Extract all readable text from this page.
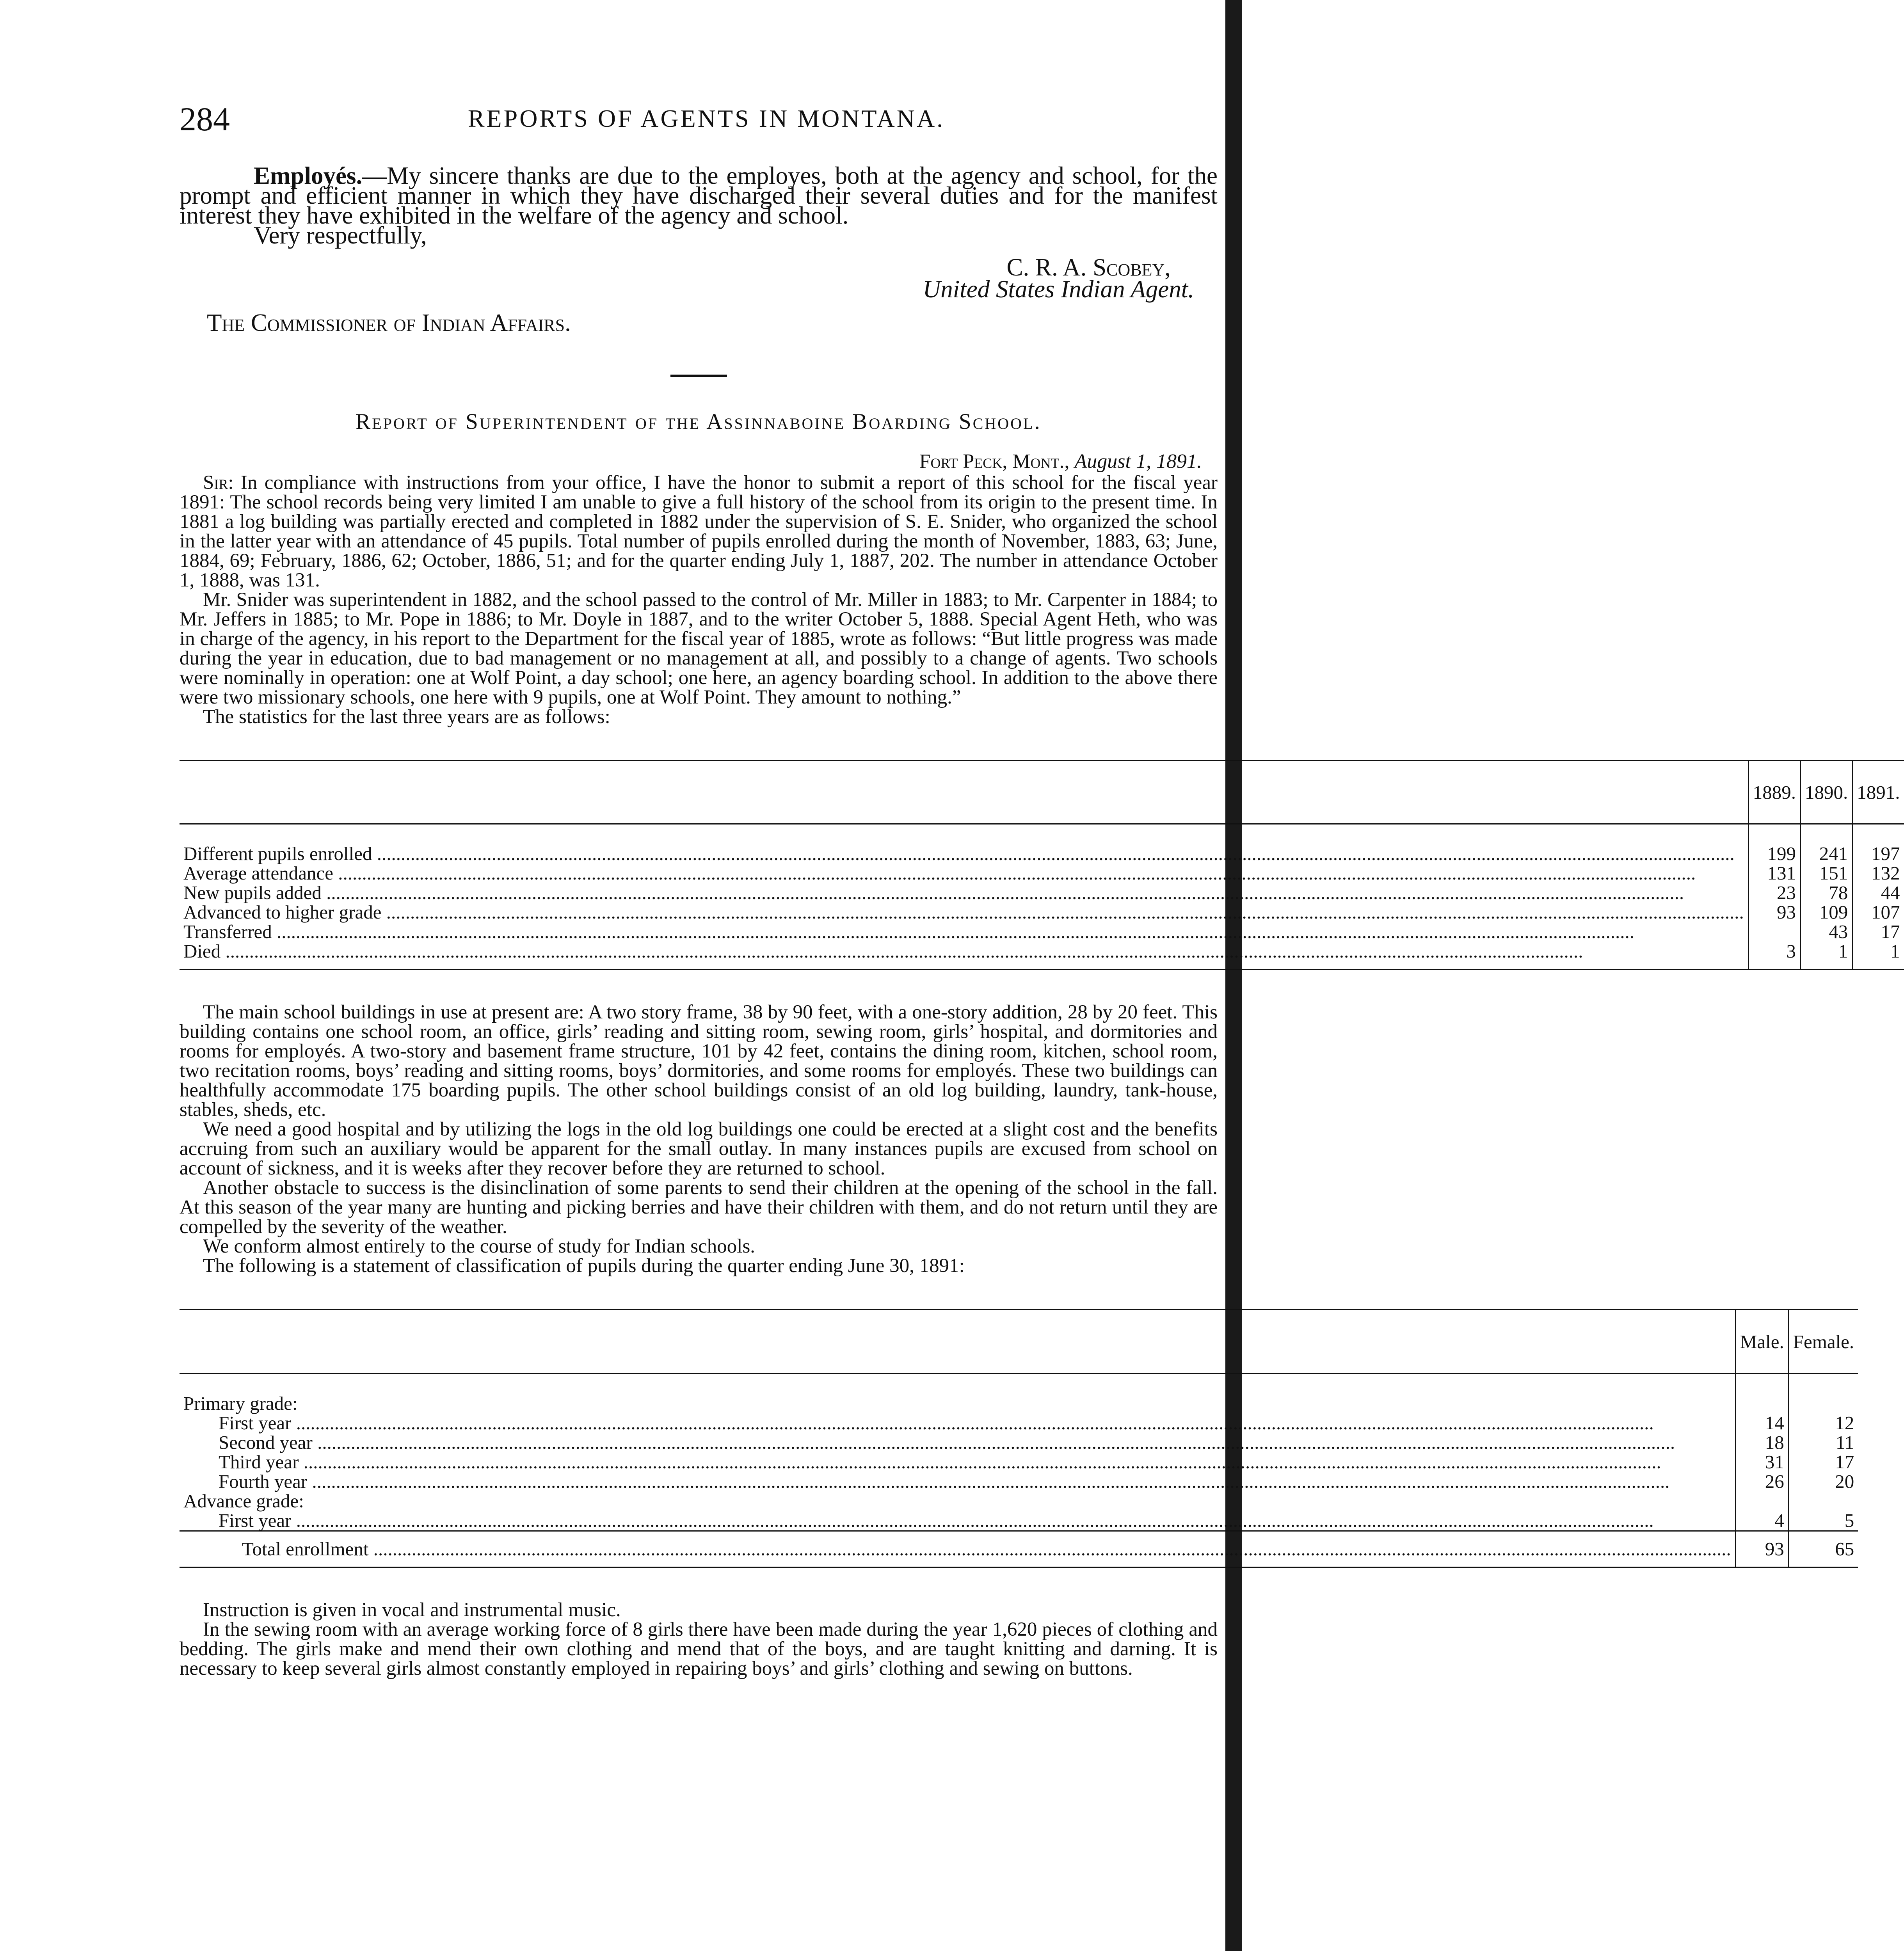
284	REPORTS OF AGENTS IN MONTANA.

Employés.—My sincere thanks are due to the employes, both at the agency and school, for the prompt and efficient manner in which they have discharged their several duties and for the manifest interest they have exhibited in the welfare of the agency and school.

Very respectfully,

C. R. A. Scobey,

United States Indian Agent.

The Commissioner of Indian Affairs.

Report of Superintendent of the Assinnaboine Boarding School.

Fort Peck, Mont., August 1, 1891.

Sir: In compliance with instructions from your office, I have the honor to submit a report of this school for the fiscal year 1891: The school records being very limited I am unable to give a full history of the school from its origin to the present time. In 1881 a log building was partially erected and completed in 1882 under the supervision of S. E. Snider, who organized the school in the latter year with an attendance of 45 pupils. Total number of pupils enrolled during the month of November, 1883, 63; June, 1884, 69; February, 1886, 62; October, 1886, 51; and for the quarter ending July 1, 1887, 202. The number in attendance October 1, 1888, was 131.

Mr. Snider was superintendent in 1882, and the school passed to the control of Mr. Miller in 1883; to Mr. Carpenter in 1884; to Mr. Jeffers in 1885; to Mr. Pope in 1886; to Mr. Doyle in 1887, and to the writer October 5, 1888. Special Agent Heth, who was in charge of the agency, in his report to the Department for the fiscal year of 1885, wrote as follows: “But little progress was made during the year in education, due to bad management or no management at all, and possibly to a change of agents. Two schools were nominally in operation: one at Wolf Point, a day school; one here, an agency boarding school. In addition to the above there were two missionary schools, one here with 9 pupils, one at Wolf Point. They amount to nothing.”

The statistics for the last three years are as follows:

	1889.	1890.	1891.
Different pupils enrolled .....	199	241	197
Average attendance .....	131	151	132
New pupils added .....	23	78	44
Advanced to higher grade .....	93	109	107
Transferred .....		43	17
Died .....	3	1	1

The main school buildings in use at present are: A two story frame, 38 by 90 feet, with a one-story addition, 28 by 20 feet. This building contains one school room, an office, girls’ reading and sitting room, sewing room, girls’ hospital, and dormitories and rooms for employés. A two-story and basement frame structure, 101 by 42 feet, contains the dining room, kitchen, school room, two recitation rooms, boys’ reading and sitting rooms, boys’ dormitories, and some rooms for employés. These two buildings can healthfully accommodate 175 boarding pupils. The other school buildings consist of an old log building, laundry, tank-house, stables, sheds, etc.

We need a good hospital and by utilizing the logs in the old log buildings one could be erected at a slight cost and the benefits accruing from such an auxiliary would be apparent for the small outlay. In many instances pupils are excused from school on account of sickness, and it is weeks after they recover before they are returned to school.

Another obstacle to success is the disinclination of some parents to send their children at the opening of the school in the fall. At this season of the year many are hunting and picking berries and have their children with them, and do not return until they are compelled by the severity of the weather.

We conform almost entirely to the course of study for Indian schools.

The following is a statement of classification of pupils during the quarter ending June 30, 1891:

	Male.	Female.
Primary grade:		
First year .....	14	12
Second year .....	18	11
Third year .....	31	17
Fourth year .....	26	20
Advance grade:		
First year .....	4	5
Total enrollment .....	93	65

Instruction is given in vocal and instrumental music.

In the sewing room with an average working force of 8 girls there have been made during the year 1,620 pieces of clothing and bedding. The girls make and mend their own clothing and mend that of the boys, and are taught knitting and darning. It is necessary to keep several girls almost constantly employed in repairing boys’ and girls’ clothing and sewing on buttons.
